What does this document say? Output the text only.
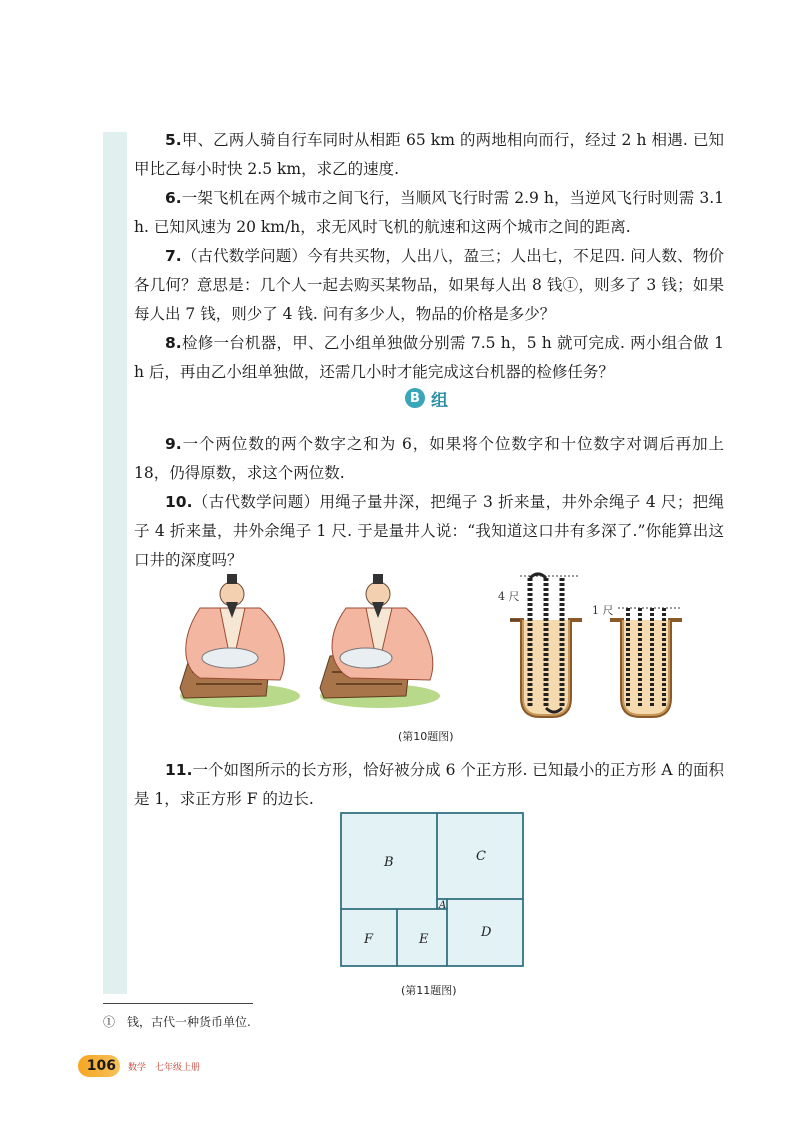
5.甲、乙两人骑自行车同时从相距 65 km 的两地相向而行，经过 2 h 相遇. 已知甲比乙每小时快 2.5 km，求乙的速度.

6.一架飞机在两个城市之间飞行，当顺风飞行时需 2.9 h，当逆风飞行时则需 3.1 h. 已知风速为 20 km/h，求无风时飞机的航速和这两个城市之间的距离.

7.（古代数学问题）今有共买物，人出八，盈三；人出七，不足四. 问人数、物价各几何？意思是：几个人一起去购买某物品，如果每人出 8 钱①，则多了 3 钱；如果每人出 7 钱，则少了 4 钱. 问有多少人，物品的价格是多少？

8.检修一台机器，甲、乙小组单独做分别需 7.5 h，5 h 就可完成. 两小组合做 1 h 后，再由乙小组单独做，还需几小时才能完成这台机器的检修任务？

B 组

9.一个两位数的两个数字之和为 6，如果将个位数字和十位数字对调后再加上 18，仍得原数，求这个两位数.

10.（古代数学问题）用绳子量井深，把绳子 3 折来量，井外余绳子 4 尺；把绳子 4 折来量，井外余绳子 1 尺. 于是量井人说：“我知道这口井有多深了.”你能算出这口井的深度吗？

4 尺
1 尺
(第10题图)

11.一个如图所示的长方形，恰好被分成 6 个正方形. 已知最小的正方形 A 的面积是 1，求正方形 F 的边长.

B	C
A
D
F	E
(第11题图)
①　钱，古代一种货币单位.
106	数学　七年级上册
